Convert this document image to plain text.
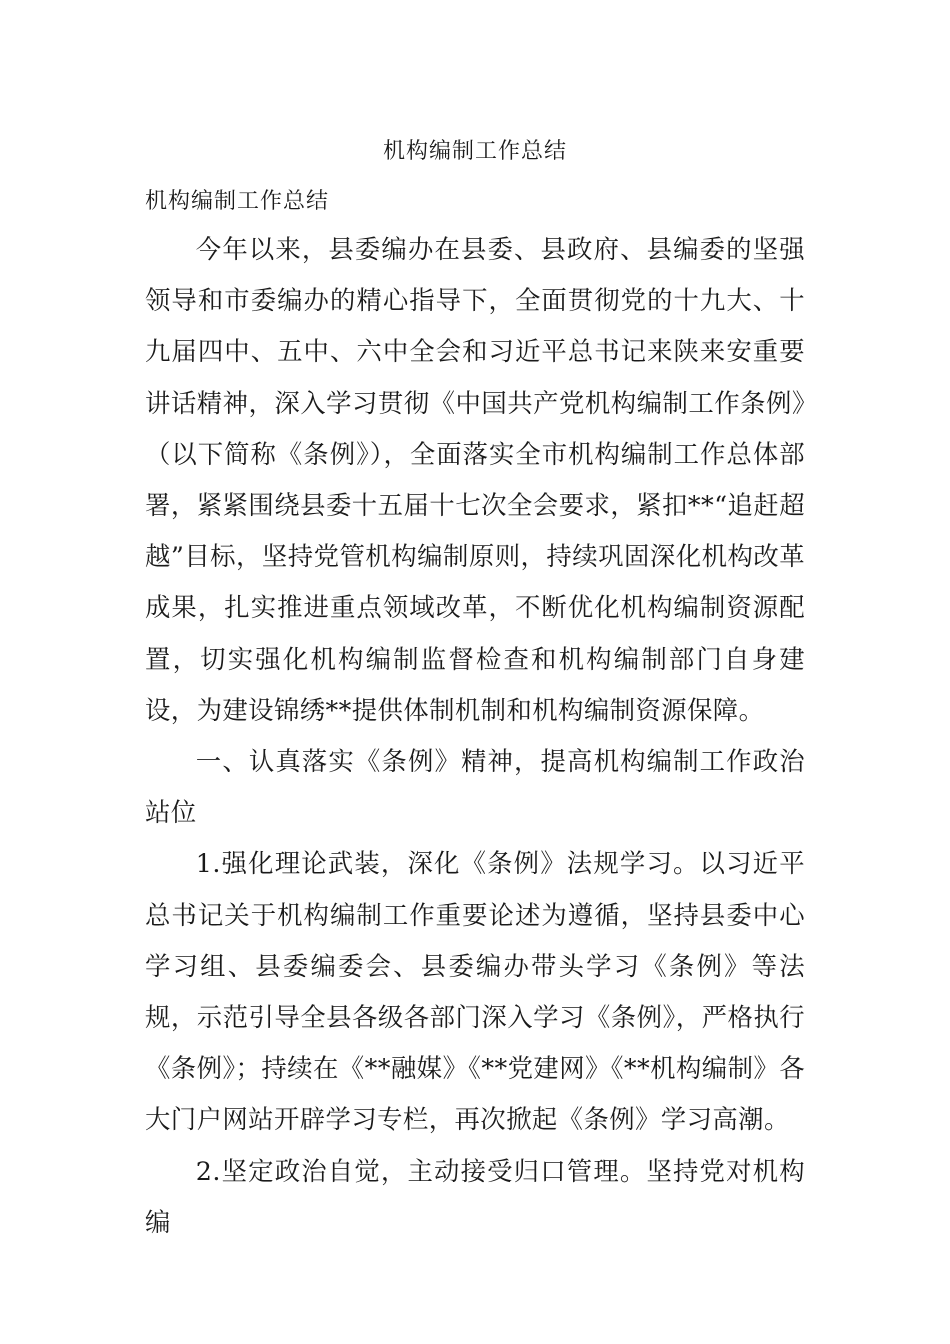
机构编制工作总结
机构编制工作总结

今年以来，县委编办在县委、县政府、县编委的坚强领导和市委编办的精心指导下，全面贯彻党的十九大、十九届四中、五中、六中全会和习近平总书记来陕来安重要讲话精神，深入学习贯彻《中国共产党机构编制工作条例》（以下简称《条例》），全面落实全市机构编制工作总体部署，紧紧围绕县委十五届十七次全会要求，紧扣**“追赶超越”目标，坚持党管机构编制原则，持续巩固深化机构改革成果，扎实推进重点领域改革，不断优化机构编制资源配置，切实强化机构编制监督检查和机构编制部门自身建设，为建设锦绣**提供体制机制和机构编制资源保障。

一、认真落实《条例》精神，提高机构编制工作政治站位

1.强化理论武装，深化《条例》法规学习。以习近平总书记关于机构编制工作重要论述为遵循，坚持县委中心学习组、县委编委会、县委编办带头学习《条例》等法规，示范引导全县各级各部门深入学习《条例》，严格执行《条例》；持续在《**融媒》《**党建网》《**机构编制》各大门户网站开辟学习专栏，再次掀起《条例》学习高潮。

2.坚定政治自觉，主动接受归口管理。坚持党对机构编
